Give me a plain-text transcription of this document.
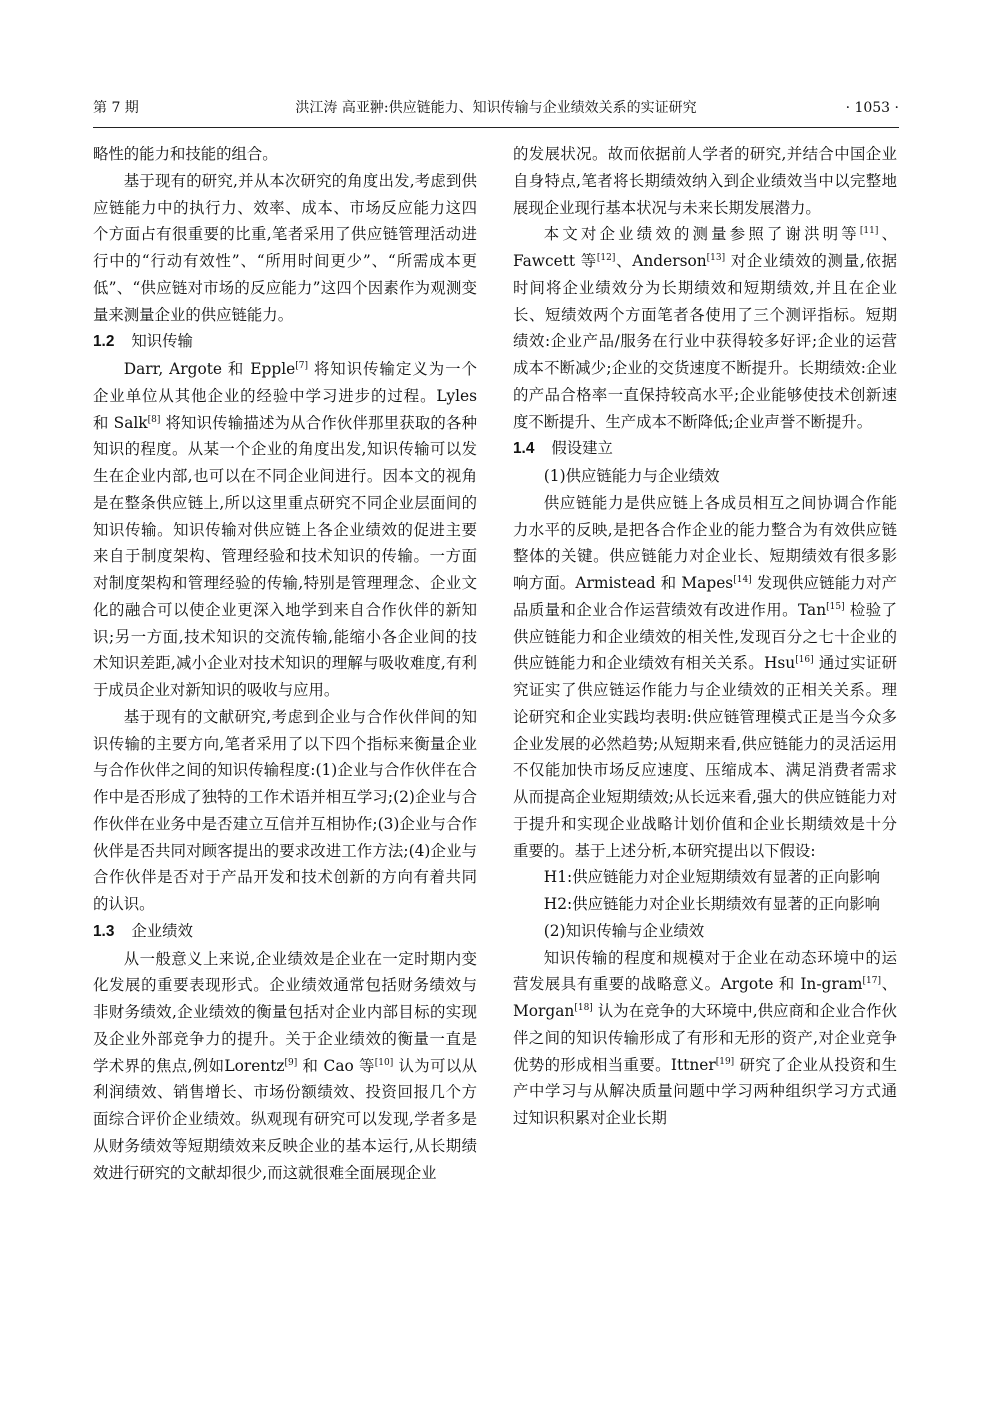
第 7 期	洪江涛 高亚翀:供应链能力、知识传输与企业绩效关系的实证研究	· 1053 ·

略性的能力和技能的组合。

基于现有的研究,并从本次研究的角度出发,考虑到供应链能力中的执行力、效率、成本、市场反应能力这四个方面占有很重要的比重,笔者采用了供应链管理活动进行中的“行动有效性”、“所用时间更少”、“所需成本更低”、“供应链对市场的反应能力”这四个因素作为观测变量来测量企业的供应链能力。

1.2 知识传输

Darr, Argote 和 Epple[7] 将知识传输定义为一个企业单位从其他企业的经验中学习进步的过程。Lyles 和 Salk[8] 将知识传输描述为从合作伙伴那里获取的各种知识的程度。从某一个企业的角度出发,知识传输可以发生在企业内部,也可以在不同企业间进行。因本文的视角是在整条供应链上,所以这里重点研究不同企业层面间的知识传输。知识传输对供应链上各企业绩效的促进主要来自于制度架构、管理经验和技术知识的传输。一方面对制度架构和管理经验的传输,特别是管理理念、企业文化的融合可以使企业更深入地学到来自合作伙伴的新知识;另一方面,技术知识的交流传输,能缩小各企业间的技术知识差距,减小企业对技术知识的理解与吸收难度,有利于成员企业对新知识的吸收与应用。

基于现有的文献研究,考虑到企业与合作伙伴间的知识传输的主要方向,笔者采用了以下四个指标来衡量企业与合作伙伴之间的知识传输程度:(1)企业与合作伙伴在合作中是否形成了独特的工作术语并相互学习;(2)企业与合作伙伴在业务中是否建立互信并互相协作;(3)企业与合作伙伴是否共同对顾客提出的要求改进工作方法;(4)企业与合作伙伴是否对于产品开发和技术创新的方向有着共同的认识。

1.3 企业绩效

从一般意义上来说,企业绩效是企业在一定时期内变化发展的重要表现形式。企业绩效通常包括财务绩效与非财务绩效,企业绩效的衡量包括对企业内部目标的实现及企业外部竞争力的提升。关于企业绩效的衡量一直是学术界的焦点,例如Lorentz[9] 和 Cao 等[10] 认为可以从利润绩效、销售增长、市场份额绩效、投资回报几个方面综合评价企业绩效。纵观现有研究可以发现,学者多是从财务绩效等短期绩效来反映企业的基本运行,从长期绩效进行研究的文献却很少,而这就很难全面展现企业

的发展状况。故而依据前人学者的研究,并结合中国企业自身特点,笔者将长期绩效纳入到企业绩效当中以完整地展现企业现行基本状况与未来长期发展潜力。

本文对企业绩效的测量参照了谢洪明等[11]、Fawcett 等[12]、Anderson[13] 对企业绩效的测量,依据时间将企业绩效分为长期绩效和短期绩效,并且在企业长、短绩效两个方面笔者各使用了三个测评指标。短期绩效:企业产品/服务在行业中获得较多好评;企业的运营成本不断减少;企业的交货速度不断提升。长期绩效:企业的产品合格率一直保持较高水平;企业能够使技术创新速度不断提升、生产成本不断降低;企业声誉不断提升。

1.4 假设建立

(1)供应链能力与企业绩效

供应链能力是供应链上各成员相互之间协调合作能力水平的反映,是把各合作企业的能力整合为有效供应链整体的关键。供应链能力对企业长、短期绩效有很多影响方面。Armistead 和 Mapes[14] 发现供应链能力对产品质量和企业合作运营绩效有改进作用。Tan[15] 检验了供应链能力和企业绩效的相关性,发现百分之七十企业的供应链能力和企业绩效有相关关系。Hsu[16] 通过实证研究证实了供应链运作能力与企业绩效的正相关关系。理论研究和企业实践均表明:供应链管理模式正是当今众多企业发展的必然趋势;从短期来看,供应链能力的灵活运用不仅能加快市场反应速度、压缩成本、满足消费者需求从而提高企业短期绩效;从长远来看,强大的供应链能力对于提升和实现企业战略计划价值和企业长期绩效是十分重要的。基于上述分析,本研究提出以下假设:

H1:供应链能力对企业短期绩效有显著的正向影响

H2:供应链能力对企业长期绩效有显著的正向影响

(2)知识传输与企业绩效

知识传输的程度和规模对于企业在动态环境中的运营发展具有重要的战略意义。Argote 和 In-gram[17]、Morgan[18] 认为在竞争的大环境中,供应商和企业合作伙伴之间的知识传输形成了有形和无形的资产,对企业竞争优势的形成相当重要。Ittner[19] 研究了企业从投资和生产中学习与从解决质量问题中学习两种组织学习方式通过知识积累对企业长期
